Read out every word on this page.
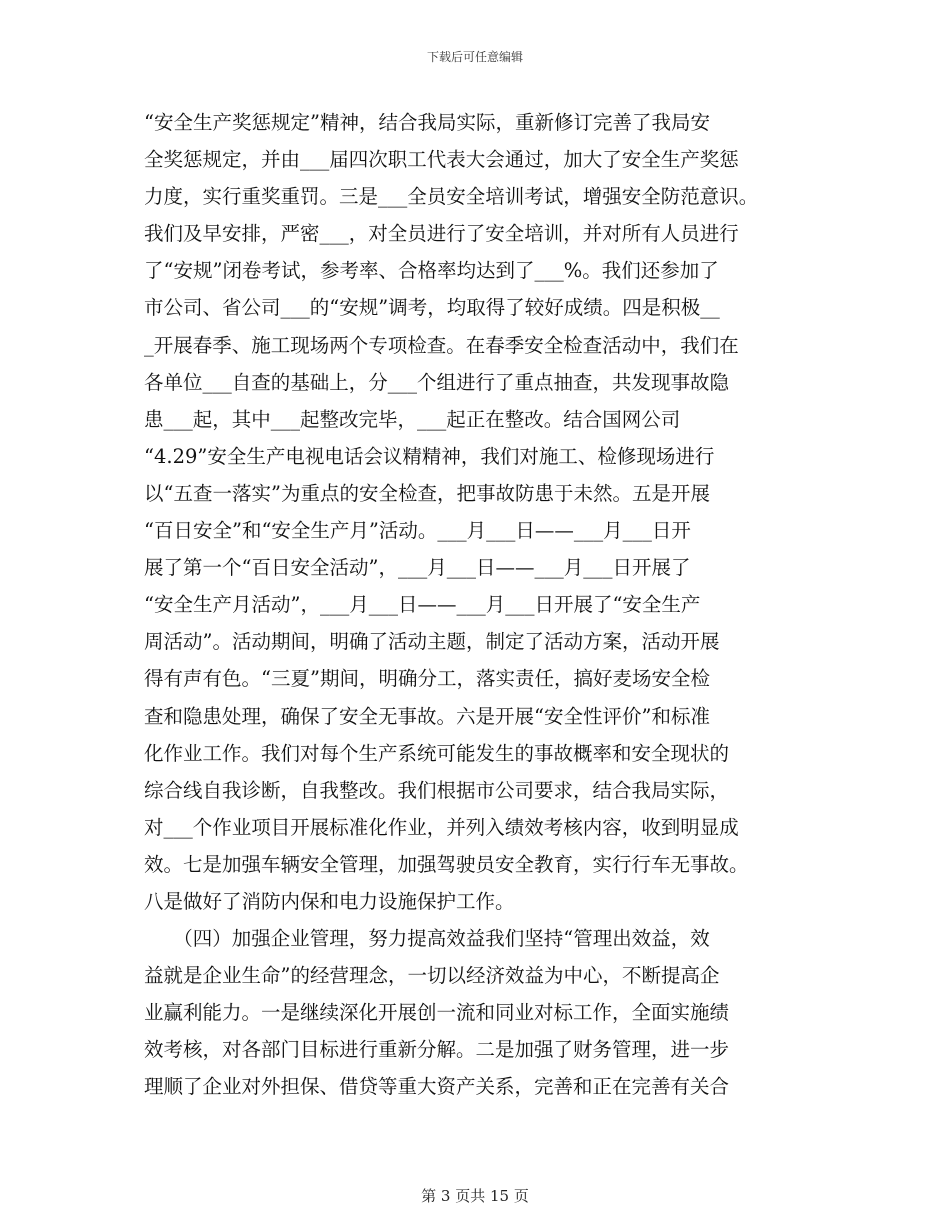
下载后可任意编辑
“安全生产奖惩规定”精神，结合我局实际，重新修订完善了我局安
全奖惩规定，并由___届四次职工代表大会通过，加大了安全生产奖惩
力度，实行重奖重罚。三是___全员安全培训考试，增强安全防范意识。
我们及早安排，严密___，对全员进行了安全培训，并对所有人员进行
了“安规”闭卷考试，参考率、合格率均达到了___%。我们还参加了
市公司、省公司___的“安规”调考，均取得了较好成绩。四是积极__
_开展春季、施工现场两个专项检查。在春季安全检查活动中，我们在
各单位___自查的基础上，分___个组进行了重点抽查，共发现事故隐
患___起，其中___起整改完毕，___起正在整改。结合国网公司
“4.29”安全生产电视电话会议精精神，我们对施工、检修现场进行
以“五查一落实”为重点的安全检查，把事故防患于未然。五是开展
“百日安全”和“安全生产月”活动。___月___日——___月___日开
展了第一个“百日安全活动”，___月___日——___月___日开展了
“安全生产月活动”，___月___日——___月___日开展了“安全生产
周活动”。活动期间，明确了活动主题，制定了活动方案，活动开展
得有声有色。“三夏”期间，明确分工，落实责任，搞好麦场安全检
查和隐患处理，确保了安全无事故。六是开展“安全性评价”和标准
化作业工作。我们对每个生产系统可能发生的事故概率和安全现状的
综合线自我诊断，自我整改。我们根据市公司要求，结合我局实际，
对___个作业项目开展标准化作业，并列入绩效考核内容，收到明显成
效。七是加强车辆安全管理，加强驾驶员安全教育，实行行车无事故。
八是做好了消防内保和电力设施保护工作。
　　（四）加强企业管理，努力提高效益我们坚持“管理出效益，效
益就是企业生命”的经营理念，一切以经济效益为中心，不断提高企
业赢利能力。一是继续深化开展创一流和同业对标工作，全面实施绩
效考核，对各部门目标进行重新分解。二是加强了财务管理，进一步
理顺了企业对外担保、借贷等重大资产关系，完善和正在完善有关合
第 3 页共 15 页
